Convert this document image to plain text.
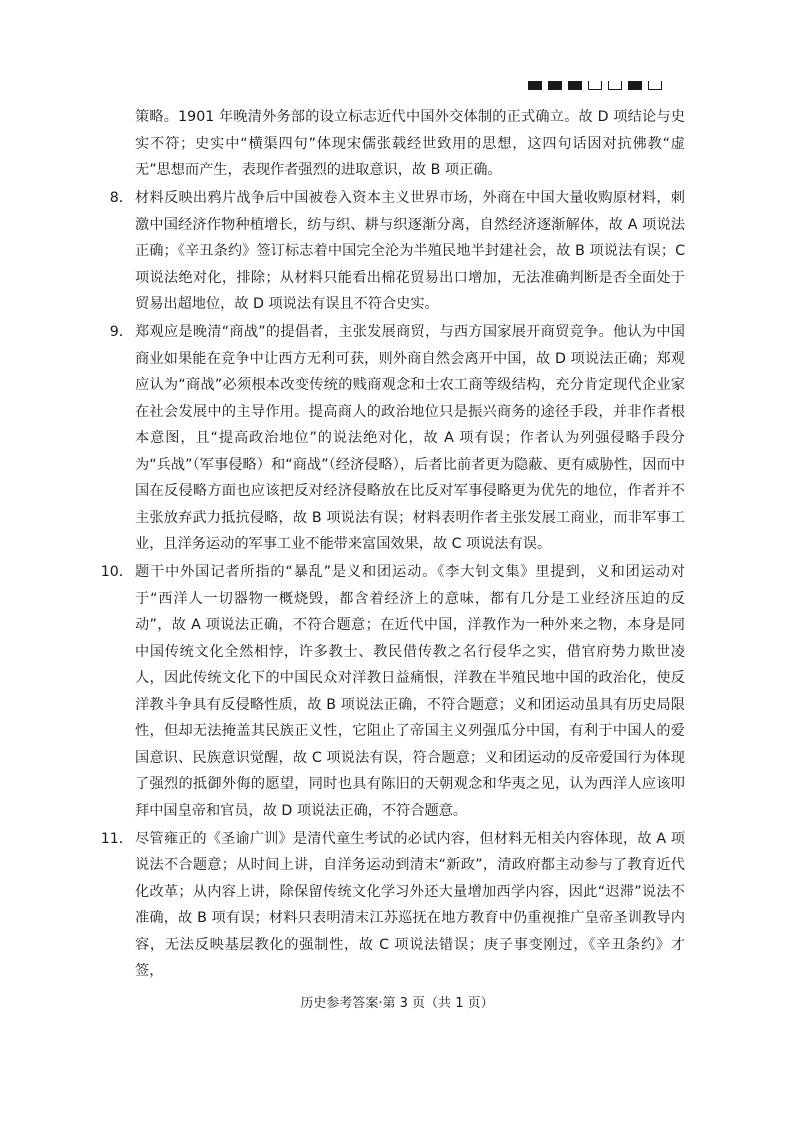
策略。1901 年晚清外务部的设立标志近代中国外交体制的正式确立。故 D 项结论与史实不符；史实中“横渠四句”体现宋儒张载经世致用的思想，这四句话因对抗佛教“虚无”思想而产生，表现作者强烈的进取意识，故 B 项正确。

8． 材料反映出鸦片战争后中国被卷入资本主义世界市场，外商在中国大量收购原材料，刺激中国经济作物种植增长，纺与织、耕与织逐渐分离，自然经济逐渐解体，故 A 项说法正确；《辛丑条约》签订标志着中国完全沦为半殖民地半封建社会，故 B 项说法有误；C 项说法绝对化，排除；从材料只能看出棉花贸易出口增加，无法准确判断是否全面处于贸易出超地位，故 D 项说法有误且不符合史实。

9． 郑观应是晚清“商战”的提倡者，主张发展商贸，与西方国家展开商贸竞争。他认为中国商业如果能在竞争中让西方无利可获，则外商自然会离开中国，故 D 项说法正确；郑观应认为“商战”必须根本改变传统的贱商观念和士农工商等级结构，充分肯定现代企业家在社会发展中的主导作用。提高商人的政治地位只是振兴商务的途径手段，并非作者根本意图，且“提高政治地位”的说法绝对化，故 A 项有误；作者认为列强侵略手段分为“兵战”（军事侵略）和“商战”（经济侵略），后者比前者更为隐蔽、更有威胁性，因而中国在反侵略方面也应该把反对经济侵略放在比反对军事侵略更为优先的地位，作者并不主张放弃武力抵抗侵略，故 B 项说法有误；材料表明作者主张发展工商业，而非军事工业，且洋务运动的军事工业不能带来富国效果，故 C 项说法有误。

10． 题干中外国记者所指的“暴乱”是义和团运动。《李大钊文集》里提到，义和团运动对于“西洋人一切器物一概烧毁，都含着经济上的意味，都有几分是工业经济压迫的反动”，故 A 项说法正确，不符合题意；在近代中国，洋教作为一种外来之物，本身是同中国传统文化全然相悖，许多教士、教民借传教之名行侵华之实，借官府势力欺世凌人，因此传统文化下的中国民众对洋教日益痛恨，洋教在半殖民地中国的政治化，使反洋教斗争具有反侵略性质，故 B 项说法正确，不符合题意；义和团运动虽具有历史局限性，但却无法掩盖其民族正义性，它阻止了帝国主义列强瓜分中国，有利于中国人的爱国意识、民族意识觉醒，故 C 项说法有误，符合题意；义和团运动的反帝爱国行为体现了强烈的抵御外侮的愿望，同时也具有陈旧的天朝观念和华夷之见，认为西洋人应该叩拜中国皇帝和官员，故 D 项说法正确，不符合题意。

11． 尽管雍正的《圣谕广训》是清代童生考试的必试内容，但材料无相关内容体现，故 A 项说法不合题意；从时间上讲，自洋务运动到清末“新政”，清政府都主动参与了教育近代化改革；从内容上讲，除保留传统文化学习外还大量增加西学内容，因此“迟滞”说法不准确，故 B 项有误；材料只表明清末江苏巡抚在地方教育中仍重视推广皇帝圣训教导内容，无法反映基层教化的强制性，故 C 项说法错误；庚子事变刚过，《辛丑条约》才签，

历史参考答案·第 3 页（共 1 页）
